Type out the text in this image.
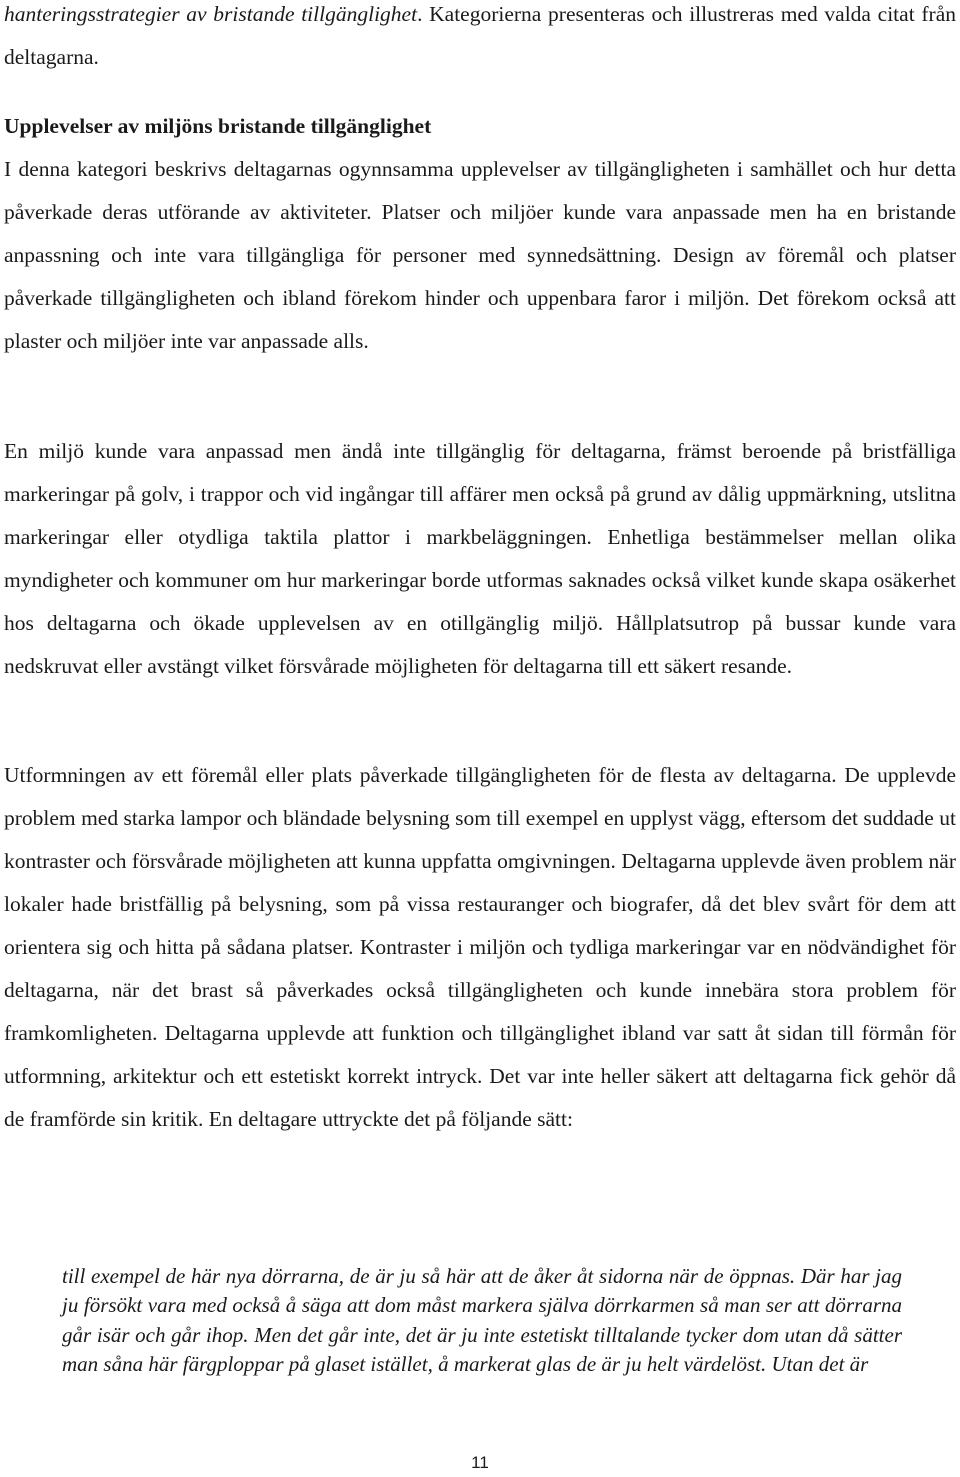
hanteringsstrategier av bristande tillgänglighet. Kategorierna presenteras och illustreras med valda citat från deltagarna.
Upplevelser av miljöns bristande tillgänglighet
I denna kategori beskrivs deltagarnas ogynnsamma upplevelser av tillgängligheten i samhället och hur detta påverkade deras utförande av aktiviteter. Platser och miljöer kunde vara anpassade men ha en bristande anpassning och inte vara tillgängliga för personer med synnedsättning. Design av föremål och platser påverkade tillgängligheten och ibland förekom hinder och uppenbara faror i miljön. Det förekom också att plaster och miljöer inte var anpassade alls.
En miljö kunde vara anpassad men ändå inte tillgänglig för deltagarna, främst beroende på bristfälliga markeringar på golv, i trappor och vid ingångar till affärer men också på grund av dålig uppmärkning, utslitna markeringar eller otydliga taktila plattor i markbeläggningen. Enhetliga bestämmelser mellan olika myndigheter och kommuner om hur markeringar borde utformas saknades också vilket kunde skapa osäkerhet hos deltagarna och ökade upplevelsen av en otillgänglig miljö. Hållplatsutrop på bussar kunde vara nedskruvat eller avstängt vilket försvårade möjligheten för deltagarna till ett säkert resande.
Utformningen av ett föremål eller plats påverkade tillgängligheten för de flesta av deltagarna. De upplevde problem med starka lampor och bländade belysning som till exempel en upplyst vägg, eftersom det suddade ut kontraster och försvårade möjligheten att kunna uppfatta omgivningen. Deltagarna upplevde även problem när lokaler hade bristfällig på belysning, som på vissa restauranger och biografer, då det blev svårt för dem att orientera sig och hitta på sådana platser. Kontraster i miljön och tydliga markeringar var en nödvändighet för deltagarna, när det brast så påverkades också tillgängligheten och kunde innebära stora problem för framkomligheten. Deltagarna upplevde att funktion och tillgänglighet ibland var satt åt sidan till förmån för utformning, arkitektur och ett estetiskt korrekt intryck. Det var inte heller säkert att deltagarna fick gehör då de framförde sin kritik. En deltagare uttryckte det på följande sätt:
till exempel de här nya dörrarna, de är ju så här att de åker åt sidorna när de öppnas. Där har jag ju försökt vara med också å säga att dom måst markera själva dörrkarmen så man ser att dörrarna går isär och går ihop. Men det går inte, det är ju inte estetiskt tilltalande tycker dom utan då sätter man såna här färgploppar på glaset istället, å markerat glas de är ju helt värdelöst. Utan det är
11
